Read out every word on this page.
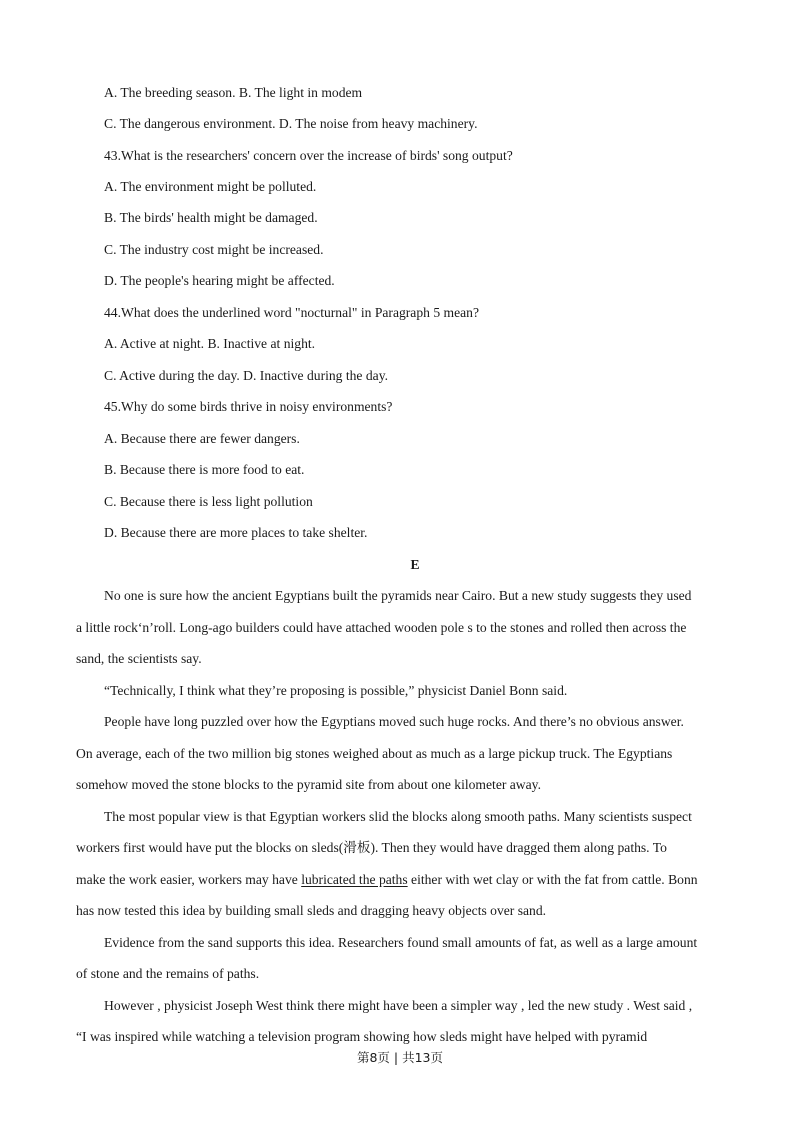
A. The breeding season. B. The light in modem
C. The dangerous environment. D. The noise from heavy machinery.
43.What is the researchers' concern over the increase of birds' song output?
A. The environment might be polluted.
B. The birds' health might be damaged.
C. The industry cost might be increased.
D. The people's hearing might be affected.
44.What does the underlined word "nocturnal" in Paragraph 5 mean?
A. Active at night. B. Inactive at night.
C. Active during the day. D. Inactive during the day.
45.Why do some birds thrive in noisy environments?
A. Because there are fewer dangers.
B. Because there is more food to eat.
C. Because there is less light pollution
D. Because there are more places to take shelter.
E
No one is sure how the ancient Egyptians built the pyramids near Cairo. But a new study suggests they used
a little rock‘n’roll. Long-ago builders could have attached wooden pole s to the stones and rolled then across the
sand, the scientists say.
“Technically, I think what they’re proposing is possible,” physicist Daniel Bonn said.
People have long puzzled over how the Egyptians moved such huge rocks. And there’s no obvious answer.
On average, each of the two million big stones weighed about as much as a large pickup truck. The Egyptians
somehow moved the stone blocks to the pyramid site from about one kilometer away.
The most popular view is that Egyptian workers slid the blocks along smooth paths. Many scientists suspect
workers first would have put the blocks on sleds(滑板). Then they would have dragged them along paths. To
make the work easier, workers may have lubricated the paths either with wet clay or with the fat from cattle. Bonn
has now tested this idea by building small sleds and dragging heavy objects over sand.
Evidence from the sand supports this idea. Researchers found small amounts of fat, as well as a large amount
of stone and the remains of paths.
However , physicist Joseph West think there might have been a simpler way , led the new study . West said ,
“I was inspired while watching a television program showing how sleds might have helped with pyramid
第8页 | 共13页
